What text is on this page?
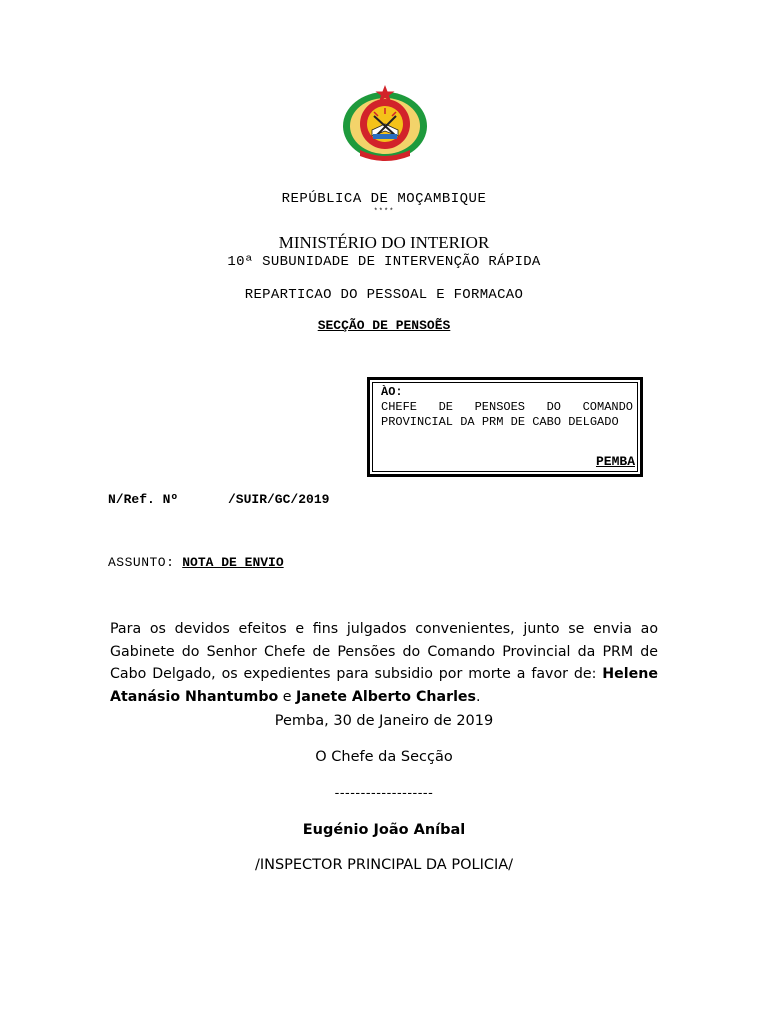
REPÚBLICA DE MOÇAMBIQUE
****
MINISTÉRIO DO INTERIOR
10ª SUBUNIDADE DE INTERVENÇÃO RÁPIDA
REPARTICAO DO PESSOAL E FORMACAO
SECÇÃO DE PENSOẼS
ÀO:
CHEFE DE PENSOES DO COMANDO PROVINCIAL DA PRM DE CABO DELGADO
PEMBA
N/Ref. Nº	/SUIR/GC/2019
ASSUNTO: NOTA DE ENVIO
Para os devidos efeitos e fins julgados convenientes, junto se envia ao Gabinete do Senhor Chefe de Pensões do Comando Provincial da PRM de Cabo Delgado, os expedientes para subsidio por morte a favor de: Helene Atanásio Nhantumbo e Janete Alberto Charles.
Pemba, 30 de Janeiro de 2019
O Chefe da Secção
-------------------
Eugénio João Aníbal
/INSPECTOR PRINCIPAL DA POLICIA/
